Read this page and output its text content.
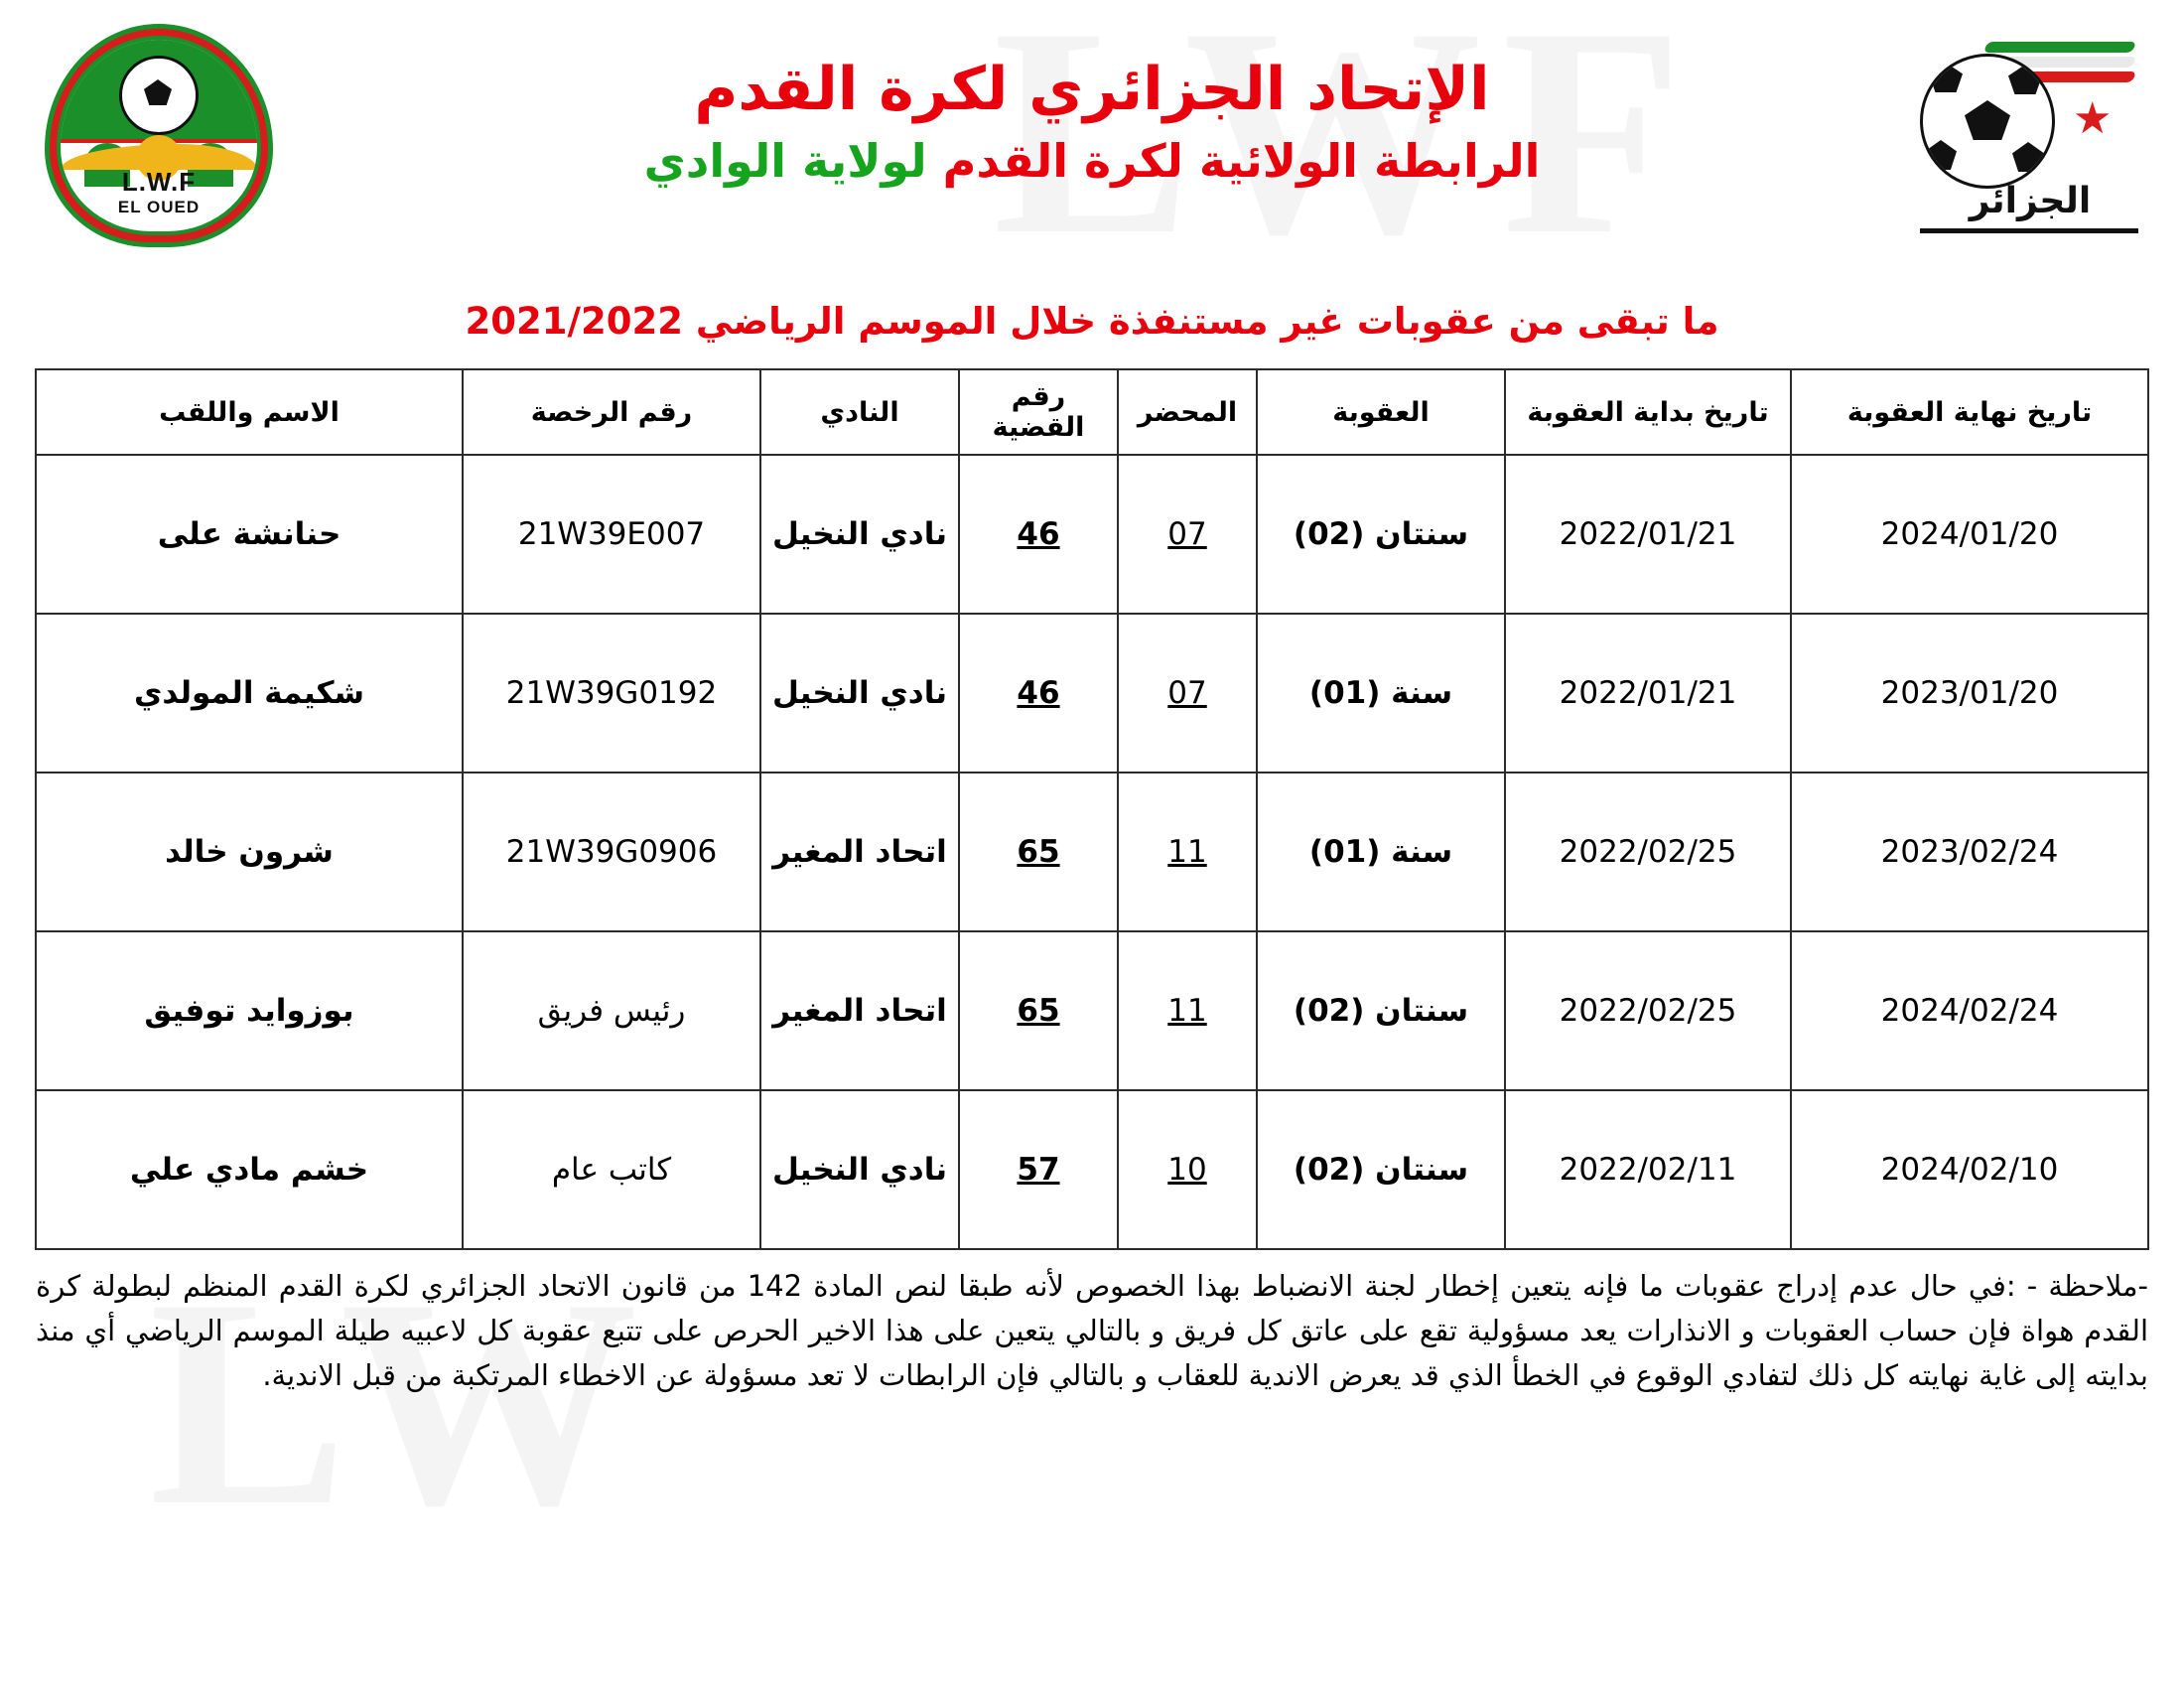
★
الجزائر
الإتحاد الجزائري لكرة القدم
الرابطة الولائية لكرة القدم لولاية الوادي
L.W.F
EL OUED
ما تبقى من عقوبات غير مستنفذة خلال الموسم الرياضي 2021/2022
تاريخ نهاية العقوبة	تاريخ بداية العقوبة	العقوبة	المحضر	رقم القضية	النادي	رقم الرخصة	الاسم واللقب
2024/01/20	2022/01/21	سنتان (02)	07	46	نادي النخيل	21W39E007	حنانشة على
2023/01/20	2022/01/21	سنة (01)	07	46	نادي النخيل	21W39G0192	شكيمة المولدي
2023/02/24	2022/02/25	سنة (01)	11	65	اتحاد المغير	21W39G0906	شرون خالد
2024/02/24	2022/02/25	سنتان (02)	11	65	اتحاد المغير	رئيس فريق	بوزوايد توفيق
2024/02/10	2022/02/11	سنتان (02)	10	57	نادي النخيل	كاتب عام	خشم مادي علي
-ملاحظة - :في حال عدم إدراج عقوبات ما فإنه يتعين إخطار لجنة الانضباط بهذا الخصوص لأنه طبقا لنص المادة 142 من قانون الاتحاد الجزائري لكرة القدم المنظم لبطولة كرة القدم هواة فإن حساب العقوبات و الانذارات يعد مسؤولية تقع على عاتق كل فريق و بالتالي يتعين على هذا الاخير الحرص على تتبع عقوبة كل لاعبيه طيلة الموسم الرياضي أي منذ بدايته إلى غاية نهايته كل ذلك لتفادي الوقوع في الخطأ الذي قد يعرض الاندية للعقاب و بالتالي فإن الرابطات لا تعد مسؤولة عن الاخطاء المرتكبة من قبل الاندية.
